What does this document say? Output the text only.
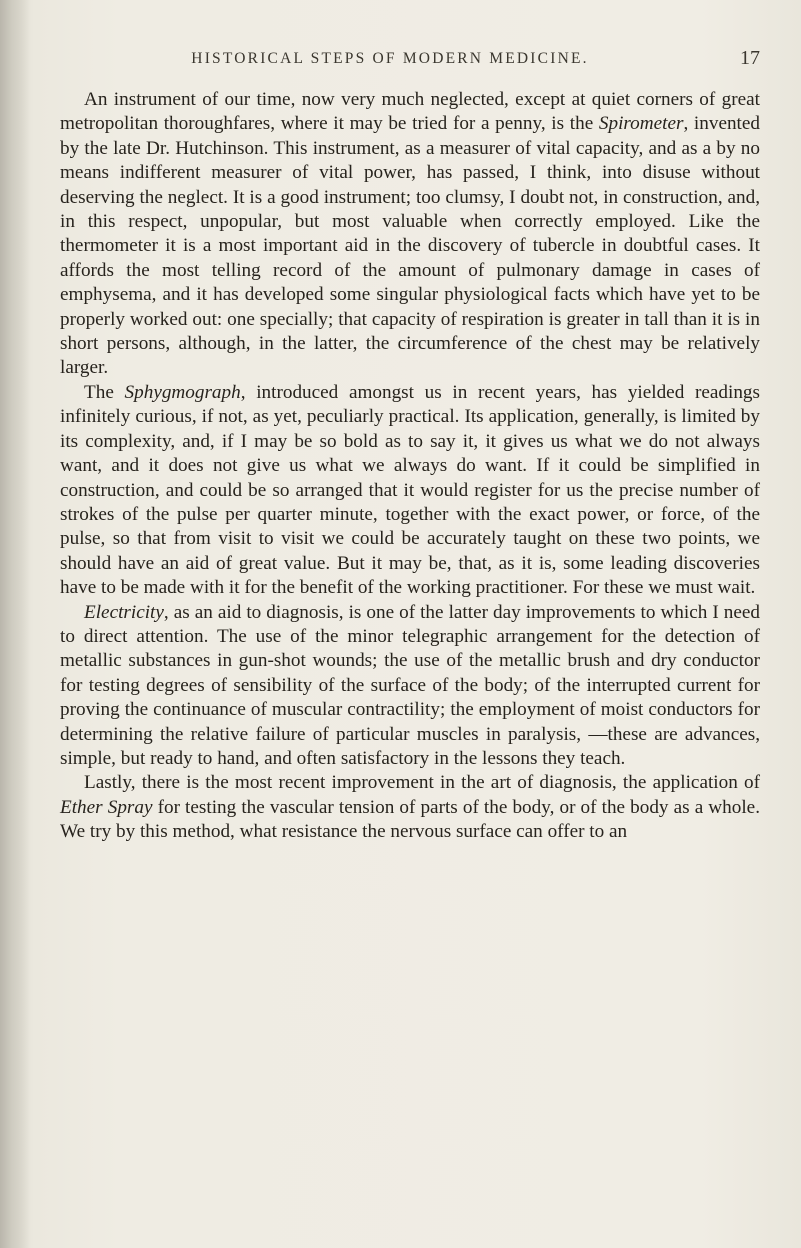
HISTORICAL STEPS OF MODERN MEDICINE.	17

An instrument of our time, now very much neglected, except at quiet corners of great metropolitan thoroughfares, where it may be tried for a penny, is the Spirometer, invented by the late Dr. Hutchinson. This instrument, as a measurer of vital capacity, and as a by no means indifferent measurer of vital power, has passed, I think, into disuse without deserving the neglect. It is a good instrument; too clumsy, I doubt not, in construction, and, in this respect, unpopular, but most valuable when correctly employed. Like the thermometer it is a most important aid in the discovery of tubercle in doubtful cases. It affords the most telling record of the amount of pulmonary damage in cases of emphysema, and it has developed some singular physiological facts which have yet to be properly worked out: one specially; that capacity of respiration is greater in tall than it is in short persons, although, in the latter, the circumference of the chest may be relatively larger.

The Sphygmograph, introduced amongst us in recent years, has yielded readings infinitely curious, if not, as yet, peculiarly practical. Its application, generally, is limited by its complexity, and, if I may be so bold as to say it, it gives us what we do not always want, and it does not give us what we always do want. If it could be simplified in construction, and could be so arranged that it would register for us the precise number of strokes of the pulse per quarter minute, together with the exact power, or force, of the pulse, so that from visit to visit we could be accurately taught on these two points, we should have an aid of great value. But it may be, that, as it is, some leading discoveries have to be made with it for the benefit of the working practitioner. For these we must wait.

Electricity, as an aid to diagnosis, is one of the latter day improvements to which I need to direct attention. The use of the minor telegraphic arrangement for the detection of metallic substances in gun-shot wounds; the use of the metallic brush and dry conductor for testing degrees of sensibility of the surface of the body; of the interrupted current for proving the continuance of muscular contractility; the employment of moist conductors for determining the relative failure of particular muscles in paralysis, —these are advances, simple, but ready to hand, and often satisfactory in the lessons they teach.

Lastly, there is the most recent improvement in the art of diagnosis, the application of Ether Spray for testing the vascular tension of parts of the body, or of the body as a whole. We try by this method, what resistance the nervous surface can offer to an
